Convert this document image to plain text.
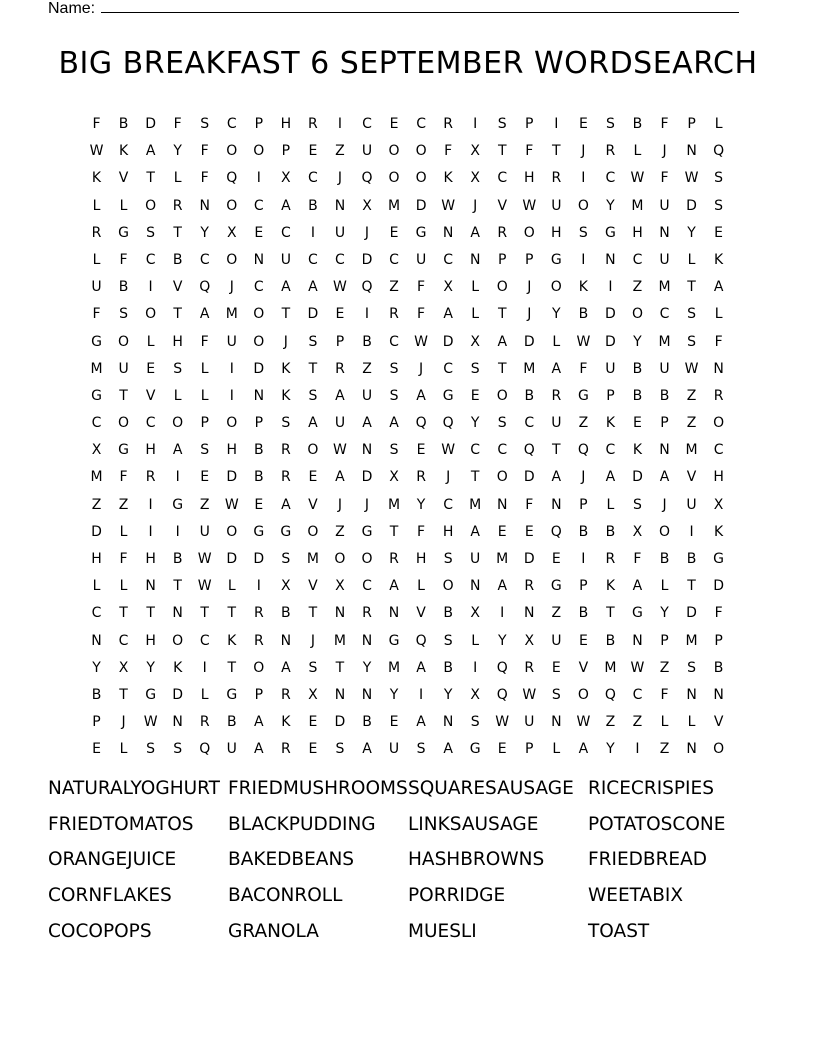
Name:
BIG BREAKFAST 6 SEPTEMBER WORDSEARCH
F	B	D	F	S	C	P	H	R	I	C	E	C	R	I	S	P	I	E	S	B	F	P	L
W	K	A	Y	F	O	O	P	E	Z	U	O	O	F	X	T	F	T	J	R	L	J	N	Q
K	V	T	L	F	Q	I	X	C	J	Q	O	O	K	X	C	H	R	I	C	W	F	W	S
L	L	O	R	N	O	C	A	B	N	X	M	D	W	J	V	W	U	O	Y	M	U	D	S
R	G	S	T	Y	X	E	C	I	U	J	E	G	N	A	R	O	H	S	G	H	N	Y	E
L	F	C	B	C	O	N	U	C	C	D	C	U	C	N	P	P	G	I	N	C	U	L	K
U	B	I	V	Q	J	C	A	A	W	Q	Z	F	X	L	O	J	O	K	I	Z	M	T	A
F	S	O	T	A	M	O	T	D	E	I	R	F	A	L	T	J	Y	B	D	O	C	S	L
G	O	L	H	F	U	O	J	S	P	B	C	W	D	X	A	D	L	W	D	Y	M	S	F
M	U	E	S	L	I	D	K	T	R	Z	S	J	C	S	T	M	A	F	U	B	U	W	N
G	T	V	L	L	I	N	K	S	A	U	S	A	G	E	O	B	R	G	P	B	B	Z	R
C	O	C	O	P	O	P	S	A	U	A	A	Q	Q	Y	S	C	U	Z	K	E	P	Z	O
X	G	H	A	S	H	B	R	O	W	N	S	E	W	C	C	Q	T	Q	C	K	N	M	C
M	F	R	I	E	D	B	R	E	A	D	X	R	J	T	O	D	A	J	A	D	A	V	H
Z	Z	I	G	Z	W	E	A	V	J	J	M	Y	C	M	N	F	N	P	L	S	J	U	X
D	L	I	I	U	O	G	G	O	Z	G	T	F	H	A	E	E	Q	B	B	X	O	I	K
H	F	H	B	W	D	D	S	M	O	O	R	H	S	U	M	D	E	I	R	F	B	B	G
L	L	N	T	W	L	I	X	V	X	C	A	L	O	N	A	R	G	P	K	A	L	T	D
C	T	T	N	T	T	R	B	T	N	R	N	V	B	X	I	N	Z	B	T	G	Y	D	F
N	C	H	O	C	K	R	N	J	M	N	G	Q	S	L	Y	X	U	E	B	N	P	M	P
Y	X	Y	K	I	T	O	A	S	T	Y	M	A	B	I	Q	R	E	V	M	W	Z	S	B
B	T	G	D	L	G	P	R	X	N	N	Y	I	Y	X	Q	W	S	O	Q	C	F	N	N
P	J	W	N	R	B	A	K	E	D	B	E	A	N	S	W	U	N	W	Z	Z	L	L	V
E	L	S	S	Q	U	A	R	E	S	A	U	S	A	G	E	P	L	A	Y	I	Z	N	O
NATURALYOGHURT FRIEDMUSHROOMS SQUARESAUSAGE RICECRISPIES
FRIEDTOMATOS	BLACKPUDDING	LINKSAUSAGE	POTATOSCONE
ORANGEJUICE	BAKEDBEANS	HASHBROWNS	FRIEDBREAD
CORNFLAKES	BACONROLL	PORRIDGE	WEETABIX
COCOPOPS	GRANOLA	MUESLI	TOAST
